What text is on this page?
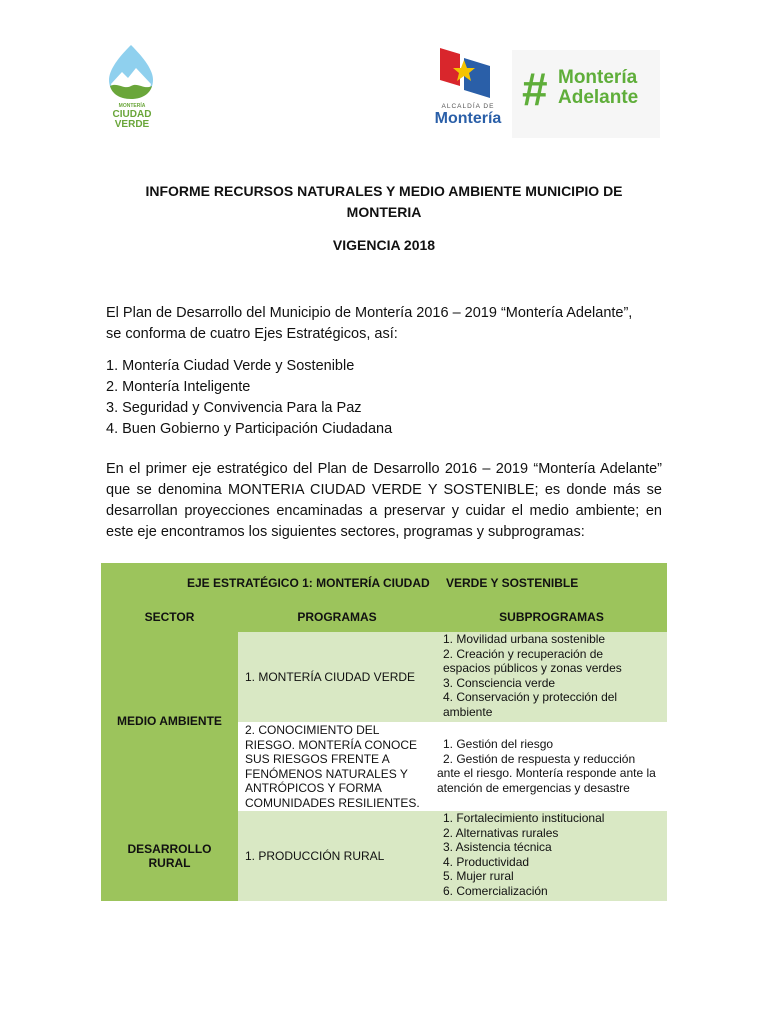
MONTERÍA
CIUDAD
VERDE
ALCALDÍA DE
Montería
# Montería
Adelante
INFORME RECURSOS NATURALES Y MEDIO AMBIENTE MUNICIPIO DE
MONTERIA
VIGENCIA 2018
El Plan de Desarrollo del Municipio de Montería 2016 – 2019 “Montería Adelante”,
se conforma de cuatro Ejes Estratégicos, así:
1. Montería Ciudad Verde y Sostenible
2. Montería Inteligente
3. Seguridad y Convivencia Para la Paz
4. Buen Gobierno y Participación Ciudadana
En el primer eje estratégico del Plan de Desarrollo 2016 – 2019 “Montería Adelante” que se denomina MONTERIA CIUDAD VERDE Y SOSTENIBLE; es donde más se desarrollan proyecciones encaminadas a preservar y cuidar el medio ambiente; en este eje encontramos los siguientes sectores, programas y subprogramas:
EJE ESTRATÉGICO 1: MONTERÍA CIUDAD VERDE Y SOSTENIBLE
SECTOR	PROGRAMAS	SUBPROGRAMAS
MEDIO AMBIENTE
1. MONTERÍA CIUDAD VERDE
1. Movilidad urbana sostenible
2. Creación y recuperación de
espacios públicos y zonas verdes
3. Consciencia verde
4. Conservación y protección del
ambiente
2. CONOCIMIENTO DEL
RIESGO. MONTERÍA CONOCE
SUS RIESGOS FRENTE A
FENÓMENOS NATURALES Y
ANTRÓPICOS Y FORMA
COMUNIDADES RESILIENTES.
1. Gestión del riesgo
2. Gestión de respuesta y reducción
ante el riesgo. Montería responde ante la
atención de emergencias y desastre
DESARROLLO
RURAL
1. PRODUCCIÓN RURAL
1. Fortalecimiento institucional
2. Alternativas rurales
3. Asistencia técnica
4. Productividad
5. Mujer rural
6. Comercialización
